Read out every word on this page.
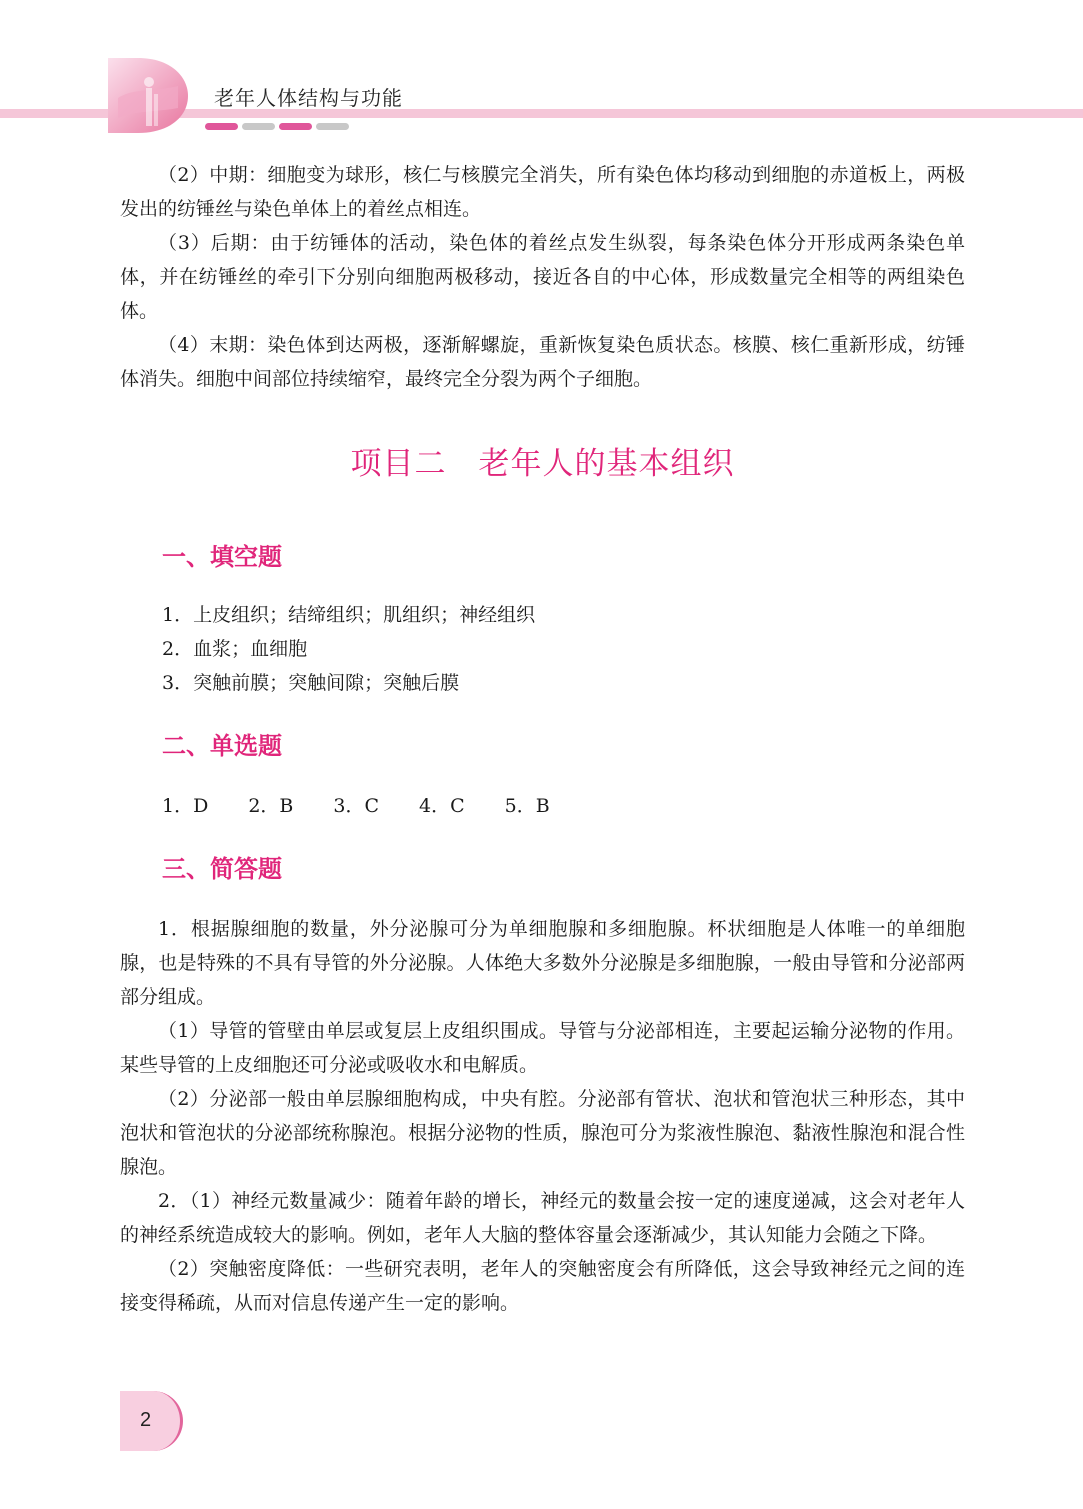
老年人体结构与功能

（2）中期：细胞变为球形，核仁与核膜完全消失，所有染色体均移动到细胞的赤道板上，两极发出的纺锤丝与染色单体上的着丝点相连。

（3）后期：由于纺锤体的活动，染色体的着丝点发生纵裂，每条染色体分开形成两条染色单体，并在纺锤丝的牵引下分别向细胞两极移动，接近各自的中心体，形成数量完全相等的两组染色体。

（4）末期：染色体到达两极，逐渐解螺旋，重新恢复染色质状态。核膜、核仁重新形成，纺锤体消失。细胞中间部位持续缩窄，最终完全分裂为两个子细胞。

项目二　老年人的基本组织
一、填空题
1．上皮组织；结缔组织；肌组织；神经组织
2．血浆；血细胞
3．突触前膜；突触间隙；突触后膜
二、单选题
1．D 2．B 3．C 4．C 5．B
三、简答题

1．根据腺细胞的数量，外分泌腺可分为单细胞腺和多细胞腺。杯状细胞是人体唯一的单细胞腺，也是特殊的不具有导管的外分泌腺。人体绝大多数外分泌腺是多细胞腺，一般由导管和分泌部两部分组成。

（1）导管的管壁由单层或复层上皮组织围成。导管与分泌部相连，主要起运输分泌物的作用。某些导管的上皮细胞还可分泌或吸收水和电解质。

（2）分泌部一般由单层腺细胞构成，中央有腔。分泌部有管状、泡状和管泡状三种形态，其中泡状和管泡状的分泌部统称腺泡。根据分泌物的性质，腺泡可分为浆液性腺泡、黏液性腺泡和混合性腺泡。

2．（1）神经元数量减少：随着年龄的增长，神经元的数量会按一定的速度递减，这会对老年人的神经系统造成较大的影响。例如，老年人大脑的整体容量会逐渐减少，其认知能力会随之下降。

（2）突触密度降低：一些研究表明，老年人的突触密度会有所降低，这会导致神经元之间的连接变得稀疏，从而对信息传递产生一定的影响。

2
